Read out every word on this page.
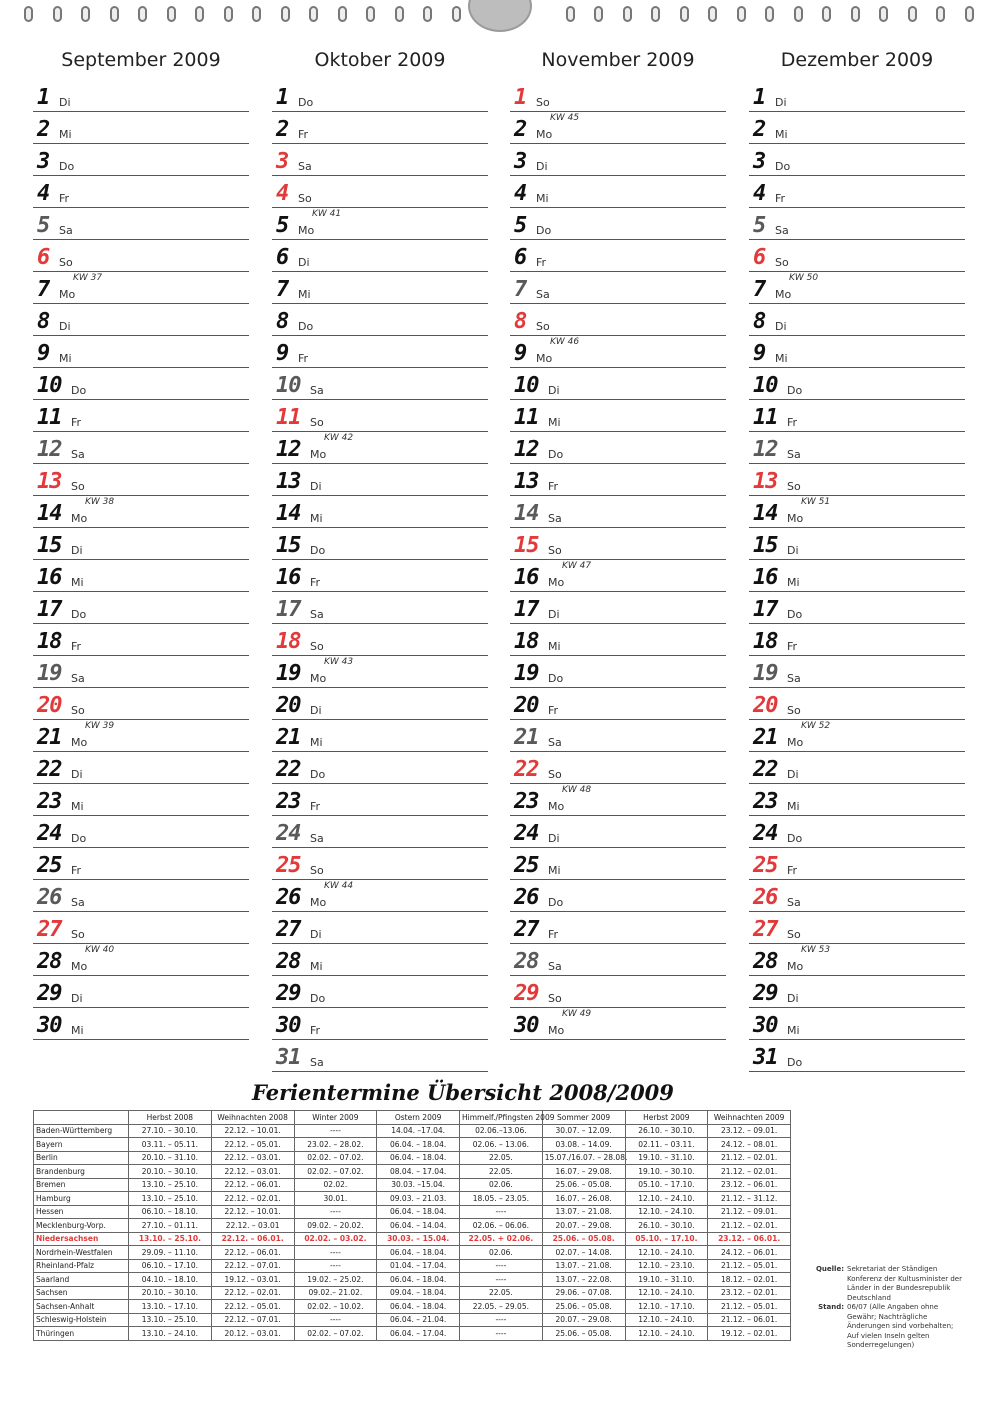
September 2009
1 Di
2 Mi
3 Do
4 Fr
5 Sa
6 So
7 Mo
KW 37
8 Di
9 Mi
10 Do
11 Fr
12 Sa
13 So
14 Mo
KW 38
15 Di
16 Mi
17 Do
18 Fr
19 Sa
20 So
21 Mo
KW 39
22 Di
23 Mi
24 Do
25 Fr
26 Sa
27 So
28 Mo
KW 40
29 Di
30 Mi
Oktober 2009
1 Do
2 Fr
3 Sa
4 So
5 Mo
KW 41
6 Di
7 Mi
8 Do
9 Fr
10 Sa
11 So
12 Mo
KW 42
13 Di
14 Mi
15 Do
16 Fr
17 Sa
18 So
19 Mo
KW 43
20 Di
21 Mi
22 Do
23 Fr
24 Sa
25 So
26 Mo
KW 44
27 Di
28 Mi
29 Do
30 Fr
31 Sa
November 2009
1 So
2 Mo
KW 45
3 Di
4 Mi
5 Do
6 Fr
7 Sa
8 So
9 Mo
KW 46
10 Di
11 Mi
12 Do
13 Fr
14 Sa
15 So
16 Mo
KW 47
17 Di
18 Mi
19 Do
20 Fr
21 Sa
22 So
23 Mo
KW 48
24 Di
25 Mi
26 Do
27 Fr
28 Sa
29 So
30 Mo
KW 49
Dezember 2009
1 Di
2 Mi
3 Do
4 Fr
5 Sa
6 So
7 Mo
KW 50
8 Di
9 Mi
10 Do
11 Fr
12 Sa
13 So
14 Mo
KW 51
15 Di
16 Mi
17 Do
18 Fr
19 Sa
20 So
21 Mo
KW 52
22 Di
23 Mi
24 Do
25 Fr
26 Sa
27 So
28 Mo
KW 53
29 Di
30 Mi
31 Do
Ferientermine Übersicht 2008/2009
	Herbst 2008	Weihnachten 2008	Winter 2009	Ostern 2009	Himmelf./Pfingsten 2009	Sommer 2009	Herbst 2009	Weihnachten 2009
Baden-Württemberg	27.10. – 30.10.	22.12. – 10.01.	----	14.04. –17.04.	02.06.–13.06.	30.07. – 12.09.	26.10. – 30.10.	23.12. – 09.01.
Bayern	03.11. – 05.11.	22.12. – 05.01.	23.02. – 28.02.	06.04. – 18.04.	02.06. – 13.06.	03.08. – 14.09.	02.11. – 03.11.	24.12. – 08.01.
Berlin	20.10. – 31.10.	22.12. – 03.01.	02.02. – 07.02.	06.04. – 18.04.	22.05.	15.07./16.07. – 28.08.	19.10. – 31.10.	21.12. – 02.01.
Brandenburg	20.10. – 30.10.	22.12. – 03.01.	02.02. – 07.02.	08.04. – 17.04.	22.05.	16.07. – 29.08.	19.10. – 30.10.	21.12. – 02.01.
Bremen	13.10. – 25.10.	22.12. – 06.01.	02.02.	30.03. –15.04.	02.06.	25.06. – 05.08.	05.10. – 17.10.	23.12. – 06.01.
Hamburg	13.10. – 25.10.	22.12. – 02.01.	30.01.	09.03. – 21.03.	18.05. – 23.05.	16.07. – 26.08.	12.10. – 24.10.	21.12. – 31.12.
Hessen	06.10. – 18.10.	22.12. – 10.01.	----	06.04. – 18.04.	----	13.07. – 21.08.	12.10. – 24.10.	21.12. – 09.01.
Mecklenburg-Vorp.	27.10. – 01.11.	22.12. – 03.01	09.02. – 20.02.	06.04. – 14.04.	02.06. – 06.06.	20.07. – 29.08.	26.10. – 30.10.	21.12. – 02.01.
Niedersachsen	13.10. – 25.10.	22.12. – 06.01.	02.02. – 03.02.	30.03. – 15.04.	22.05. + 02.06.	25.06. – 05.08.	05.10. – 17.10.	23.12. – 06.01.
Nordrhein-Westfalen	29.09. – 11.10.	22.12. – 06.01.	----	06.04. – 18.04.	02.06.	02.07. – 14.08.	12.10. – 24.10.	24.12. – 06.01.
Rheinland-Pfalz	06.10. – 17.10.	22.12. – 07.01.	----	01.04. – 17.04.	----	13.07. – 21.08.	12.10. – 23.10.	21.12. – 05.01.
Saarland	04.10. – 18.10.	19.12. – 03.01.	19.02. – 25.02.	06.04. – 18.04.	----	13.07. – 22.08.	19.10. – 31.10.	18.12. – 02.01.
Sachsen	20.10. – 30.10.	22.12. – 02.01.	09.02.– 21.02.	09.04. – 18.04.	22.05.	29.06. – 07.08.	12.10. – 24.10.	23.12. – 02.01.
Sachsen-Anhalt	13.10. – 17.10.	22.12. – 05.01.	02.02. – 10.02.	06.04. – 18.04.	22.05. – 29.05.	25.06. – 05.08.	12.10. – 17.10.	21.12. – 05.01.
Schleswig-Holstein	13.10. – 25.10.	22.12. – 07.01.	----	06.04. – 21.04.	----	20.07. – 29.08.	12.10. – 24.10.	21.12. – 06.01.
Thüringen	13.10. – 24.10.	20.12. – 03.01.	02.02. – 07.02.	06.04. – 17.04.	----	25.06. – 05.08.	12.10. – 24.10.	19.12. – 02.01.
Quelle: Sekretariat der Ständigen Konferenz der Kultusminister der Länder in der Bundesrepublik Deutschland
Stand: 06/07 (Alle Angaben ohne Gewähr; Nachträgliche Änderungen sind vorbehalten; Auf vielen Inseln gelten Sonderregelungen)
